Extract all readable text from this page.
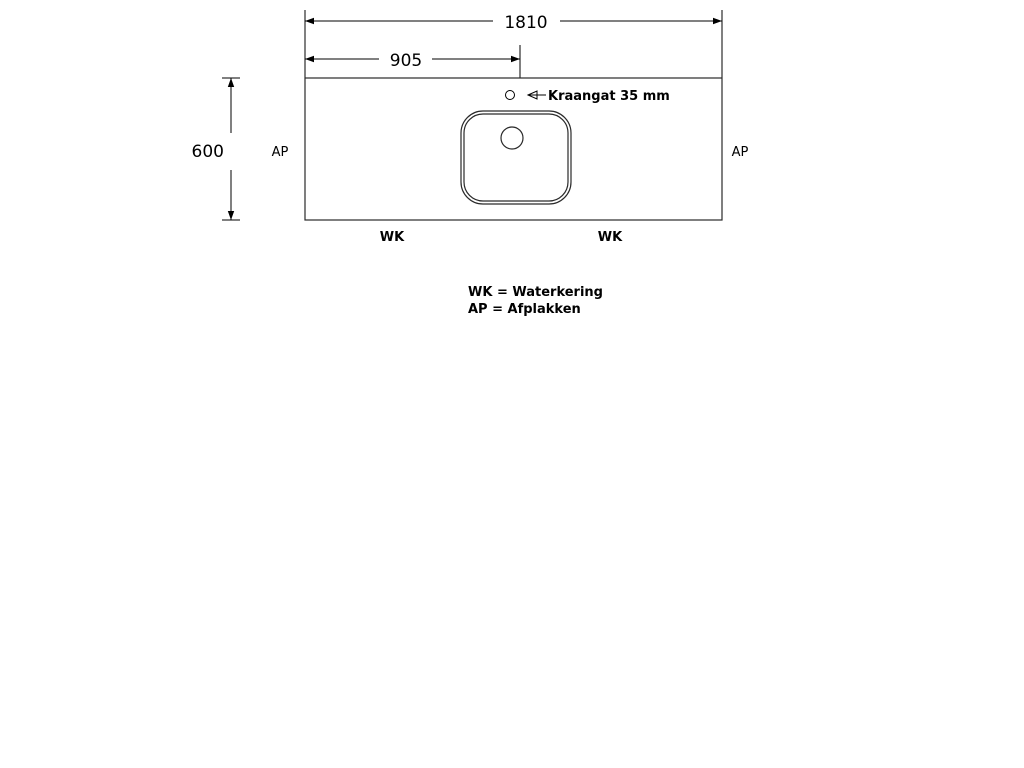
1810
905
600
Kraangat 35 mm
AP	AP
WK	WK
WK = Waterkering
AP = Afplakken
